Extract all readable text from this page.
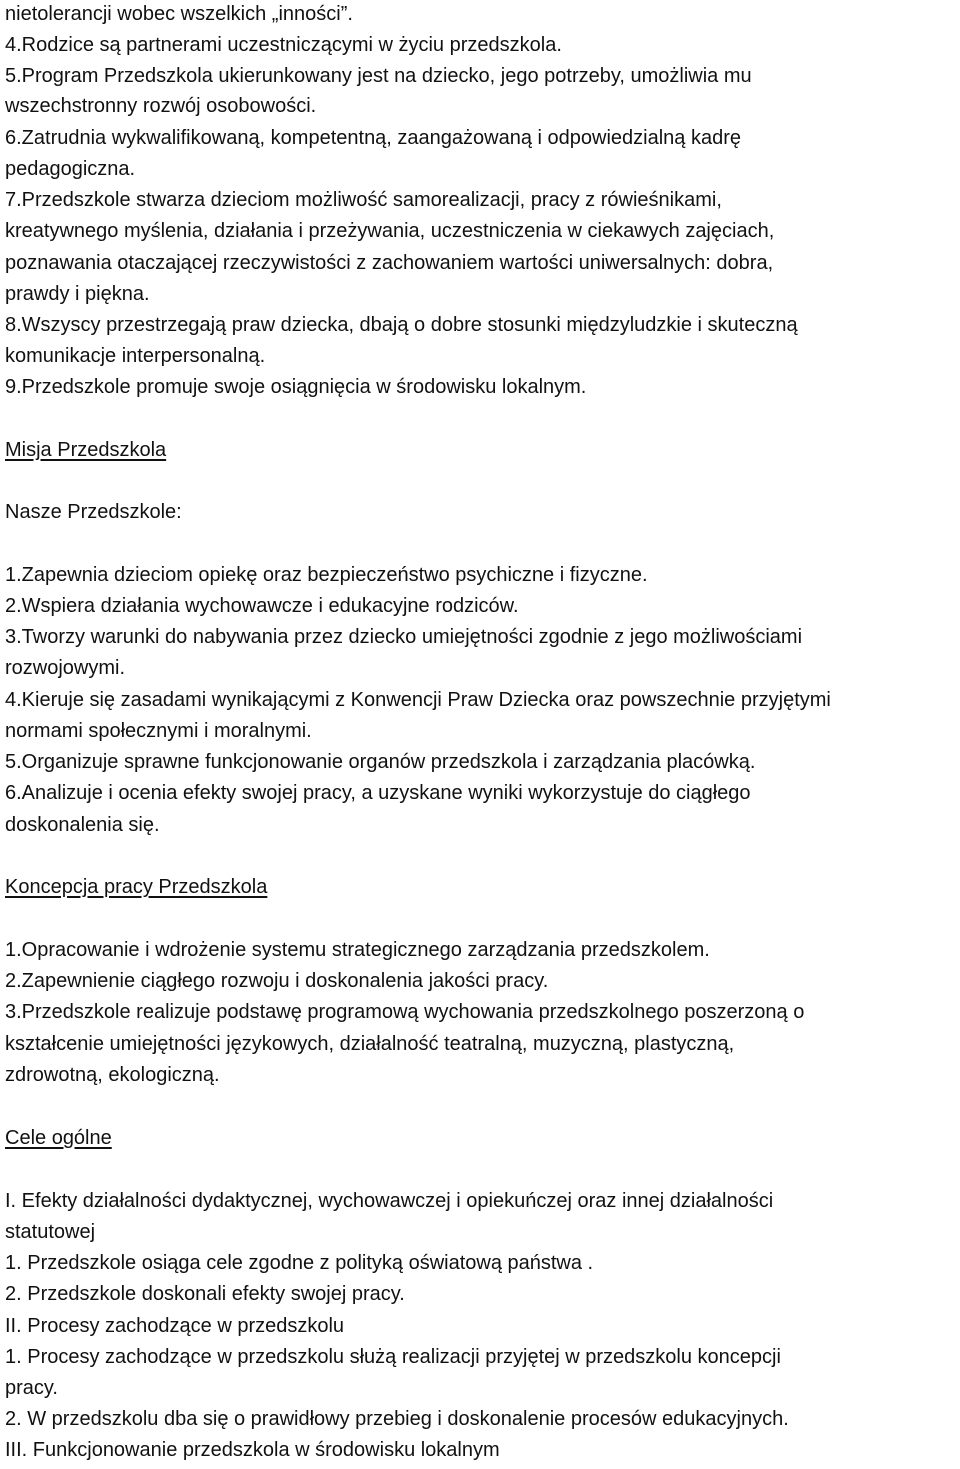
nietolerancji wobec wszelkich „inności”.
4.Rodzice są partnerami uczestniczącymi w życiu przedszkola.
5.Program Przedszkola ukierunkowany jest na dziecko, jego potrzeby, umożliwia mu
wszechstronny rozwój osobowości.
6.Zatrudnia wykwalifikowaną, kompetentną, zaangażowaną i odpowiedzialną kadrę
pedagogiczna.
7.Przedszkole stwarza dzieciom możliwość samorealizacji, pracy z rówieśnikami,
kreatywnego myślenia, działania i przeżywania, uczestniczenia w ciekawych zajęciach,
poznawania otaczającej rzeczywistości z zachowaniem wartości uniwersalnych: dobra,
prawdy i piękna.
8.Wszyscy przestrzegają praw dziecka, dbają o dobre stosunki międzyludzkie i skuteczną
komunikacje interpersonalną.
9.Przedszkole promuje swoje osiągnięcia w środowisku lokalnym.
Misja Przedszkola
Nasze Przedszkole:
1.Zapewnia dzieciom opiekę oraz bezpieczeństwo psychiczne i fizyczne.
2.Wspiera działania wychowawcze i edukacyjne rodziców.
3.Tworzy warunki do nabywania przez dziecko umiejętności zgodnie z jego możliwościami
rozwojowymi.
4.Kieruje się zasadami wynikającymi z Konwencji Praw Dziecka oraz powszechnie przyjętymi
normami społecznymi i moralnymi.
5.Organizuje sprawne funkcjonowanie organów przedszkola i zarządzania placówką.
6.Analizuje i ocenia efekty swojej pracy, a uzyskane wyniki wykorzystuje do ciągłego
doskonalenia się.
Koncepcja pracy Przedszkola
1.Opracowanie i wdrożenie systemu strategicznego zarządzania przedszkolem.
2.Zapewnienie ciągłego rozwoju i doskonalenia jakości pracy.
3.Przedszkole realizuje podstawę programową wychowania przedszkolnego poszerzoną o
kształcenie umiejętności językowych, działalność teatralną, muzyczną, plastyczną,
zdrowotną, ekologiczną.
Cele ogólne
I. Efekty działalności dydaktycznej, wychowawczej i opiekuńczej oraz innej działalności
statutowej
1. Przedszkole osiąga cele zgodne z polityką oświatową państwa .
2. Przedszkole doskonali efekty swojej pracy.
II. Procesy zachodzące w przedszkolu
1. Procesy zachodzące w przedszkolu służą realizacji przyjętej w przedszkolu koncepcji
pracy.
2. W przedszkolu dba się o prawidłowy przebieg i doskonalenie procesów edukacyjnych.
III. Funkcjonowanie przedszkola w środowisku lokalnym
